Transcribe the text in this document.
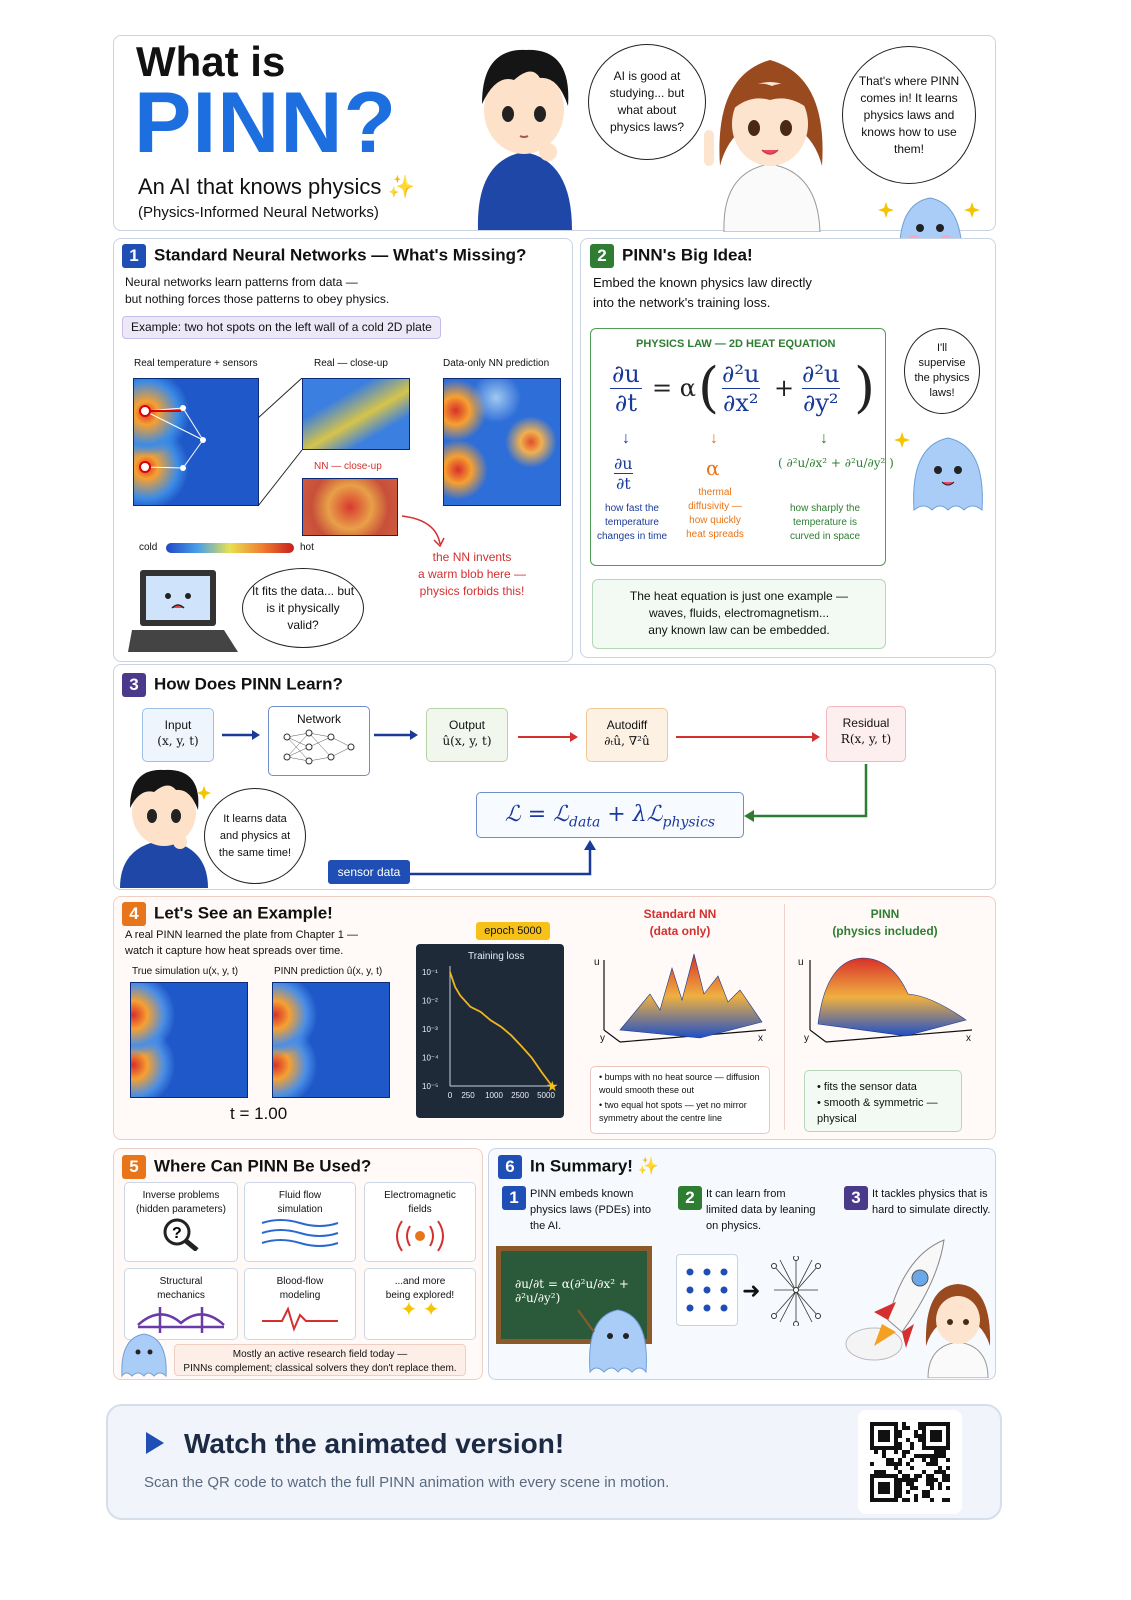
What is
PINN?
An AI that knows physics ✨
(Physics-Informed Neural Networks)
AI is good at studying... but what about physics laws?
That's where PINN comes in! It learns physics laws and knows how to use them!
1 Standard Neural Networks — What's Missing?
Neural networks learn patterns from data —
but nothing forces those patterns to obey physics.
Example: two hot spots on the left wall of a cold 2D plate
Real temperature + sensors	Real — close-up	Data-only NN prediction
NN — close-up
cold	hot
the NN invents
a warm blob here —
physics forbids this!
It fits the data... but is it physically valid?
2 PINN's Big Idea!
Embed the known physics law directly
into the network's training loss.
PHYSICS LAW — 2D HEAT EQUATION
∂u
∂t
= α ( ∂²u
∂x²
+ ∂²u
∂y² )
↓	↓	↓
∂u
∂t
α	( ∂²u/∂x² + ∂²u/∂y² )
how fast the temperature changes in time
thermal diffusivity — how quickly heat spreads
how sharply the temperature is curved in space
The heat equation is just one example —
waves, fluids, electromagnetism...
any known law can be embedded.
I'll supervise the physics laws!
3 How Does PINN Learn?
Input
(x, y, t)
Network	Output
û(x, y, t)
Autodiff
∂ₜû, ∇²û
Residual
R(x, y, t)
ℒ = ℒ$_{data}$ + λℒ$_{physics}$
sensor data
It learns data and physics at the same time!
4 Let's See an Example!
A real PINN learned the plate from Chapter 1 —
watch it capture how heat spreads over time.
True simulation u(x, y, t)	PINN prediction û(x, y, t)
t = 1.00
epoch 5000
Training loss
10⁻¹
10⁻²
10⁻³
10⁻⁴
10⁻⁵
0 250 1000 2500 5000
★
Standard NN
(data only)
PINN
(physics included)
u
y	x
u
y	x
• bumps with no heat source — diffusion would smooth these out
• two equal hot spots — yet no mirror symmetry about the centre line
• fits the sensor data
• smooth & symmetric — physical
5 Where Can PINN Be Used?
Inverse problems
(hidden parameters)
?
Fluid flow
simulation
Electromagnetic
fields
Structural
mechanics
Blood-flow
modeling
...and more
being explored!
✦ ✦
Mostly an active research field today —
PINNs complement; classical solvers they don't replace them.
6 In Summary! ✨
1	PINN embeds known physics laws (PDEs) into the AI.
2	It can learn from limited data by leaning on physics.
3	It tackles physics that is hard to simulate directly.
∂u/∂t = α(∂²u/∂x² + ∂²u/∂y²)	➜
Watch the animated version!
Scan the QR code to watch the full PINN animation with every scene in motion.
